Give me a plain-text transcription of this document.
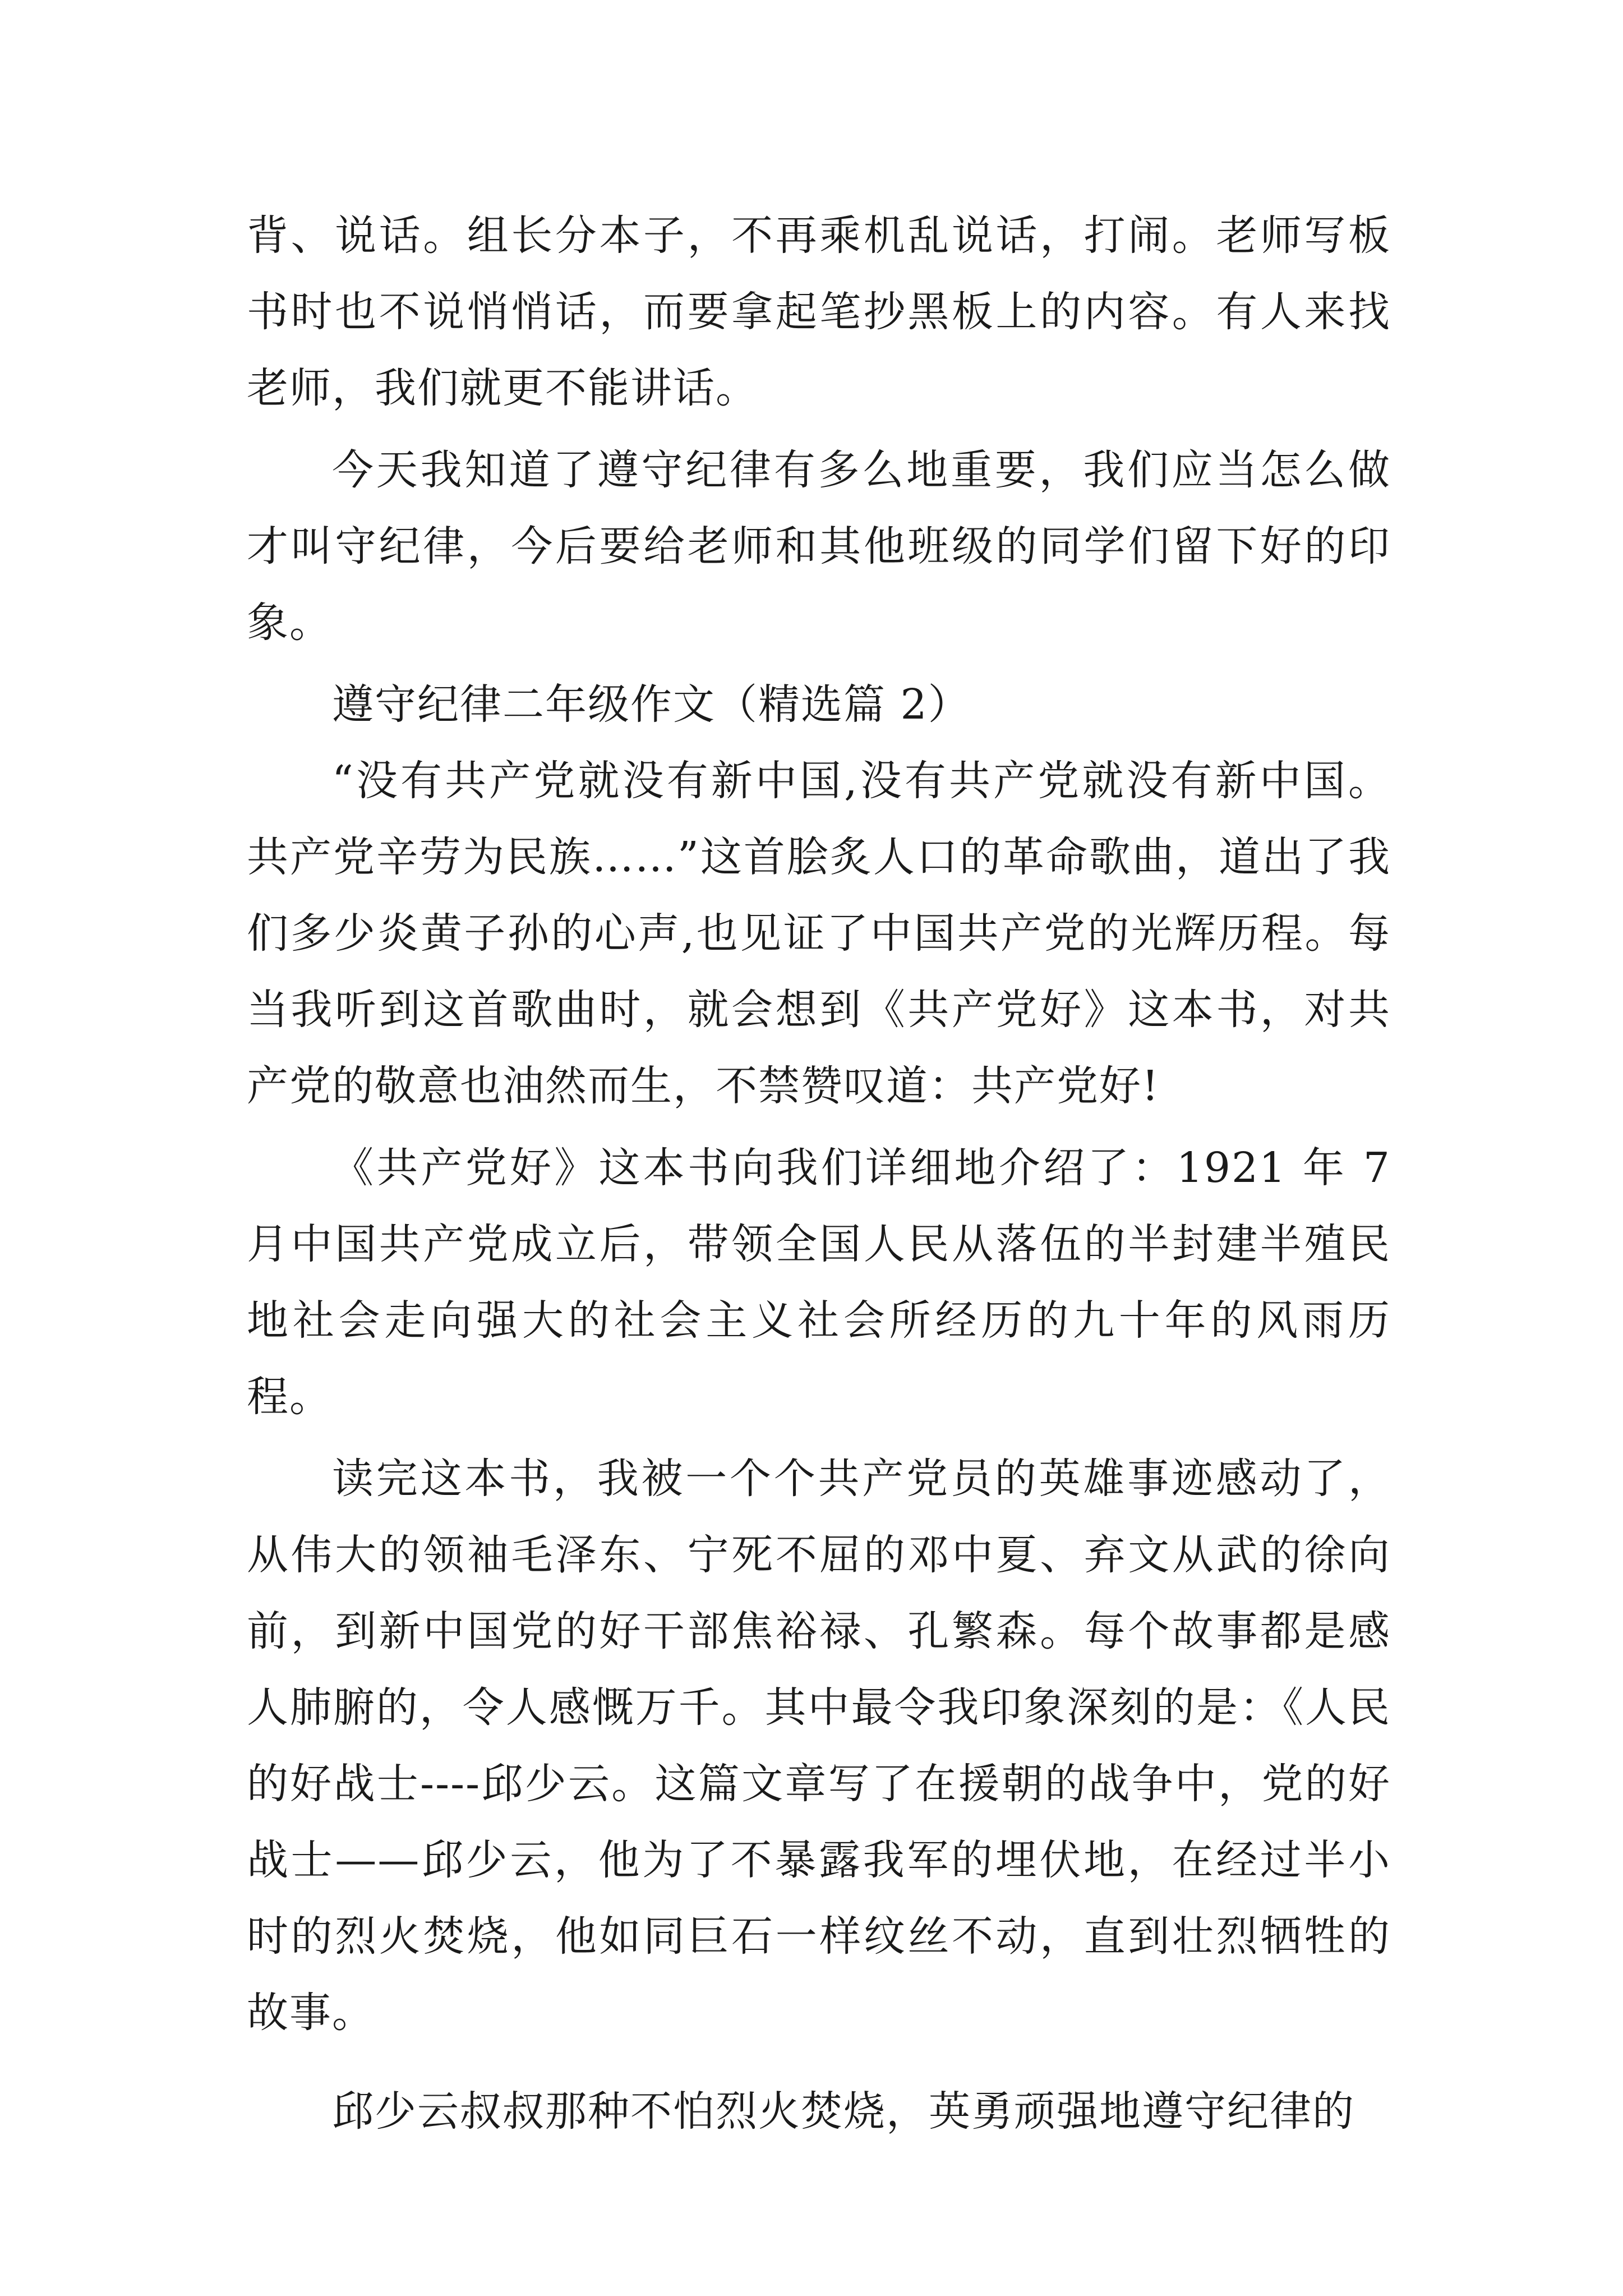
背、说话。组长分本子，不再乘机乱说话，打闹。老师写板书时也不说悄悄话，而要拿起笔抄黑板上的内容。有人来找老师，我们就更不能讲话。

今天我知道了遵守纪律有多么地重要，我们应当怎么做才叫守纪律，今后要给老师和其他班级的同学们留下好的印象。

遵守纪律二年级作文（精选篇 2）

“没有共产党就没有新中国,没有共产党就没有新中国。共产党辛劳为民族……”这首脍炙人口的革命歌曲，道出了我们多少炎黄子孙的心声,也见证了中国共产党的光辉历程。每当我听到这首歌曲时，就会想到《共产党好》这本书，对共产党的敬意也油然而生，不禁赞叹道：共产党好!

《共产党好》这本书向我们详细地介绍了：1921 年 7 月中国共产党成立后，带领全国人民从落伍的半封建半殖民地社会走向强大的社会主义社会所经历的九十年的风雨历程。

读完这本书，我被一个个共产党员的英雄事迹感动了，从伟大的领袖毛泽东、宁死不屈的邓中夏、弃文从武的徐向前，到新中国党的好干部焦裕禄、孔繁森。每个故事都是感人肺腑的，令人感慨万千。其中最令我印象深刻的是：《人民的好战士----邱少云。这篇文章写了在援朝的战争中，党的好战士——邱少云，他为了不暴露我军的埋伏地，在经过半小时的烈火焚烧，他如同巨石一样纹丝不动，直到壮烈牺牲的故事。

邱少云叔叔那种不怕烈火焚烧，英勇顽强地遵守纪律的
